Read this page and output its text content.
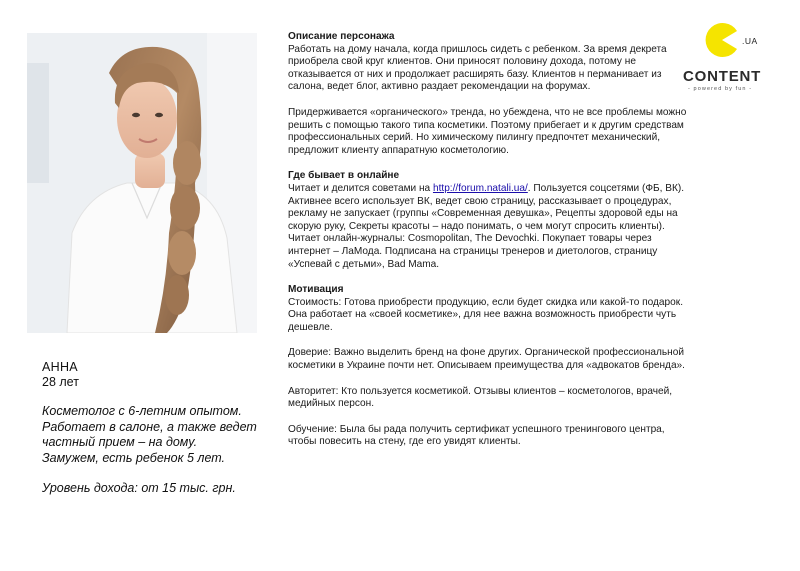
АННА
28 лет
Косметолог с 6-летним опытом. Работает в салоне, а также ведет частный прием – на дому. Замужем, есть ребенок 5 лет.
Уровень дохода: от 15 тыс. грн.
Описание персонажа

Работать на дому начала, когда пришлось сидеть с ребенком. За время декрета приобрела свой круг клиентов. Они приносят половину дохода, потому не отказывается от них и продолжает расширять базу. Клиентов н перманивает из салона, ведет блог, активно раздает рекомендации на форумах.

Придерживается «органического» тренда, но убеждена, что не все проблемы можно решить с помощью такого типа косметики. Поэтому прибегает и к другим средствам профессиональных серий. Но химическому пилингу предпочтет механический, предложит клиенту аппаратную косметологию.

Где бывает в онлайне

Читает и делится советами на http://forum.natali.ua/. Пользуется соцсетями (ФБ, ВК). Активнее всего использует ВК, ведет свою страницу, рассказывает о процедурах, рекламу не запускает (группы «Современная девушка», Рецепты здоровой еды на скорую руку, Секреты красоты – надо понимать, о чем могут спросить клиенты). Читает онлайн-журналы: Cosmopolitan, The Devochki. Покупает товары через интернет – ЛаМода. Подписана на страницы тренеров и диетологов, страницу «Успевай с детьми», Bad Mama.

Мотивация

Стоимость: Готова приобрести продукцию, если будет скидка или какой-то подарок. Она работает на «своей косметике», для нее важна возможность приобрести чуть дешевле.

Доверие: Важно выделить бренд на фоне других. Органической профессиональной косметики в Украине почти нет. Описываем преимущества для «адвокатов бренда».

Авторитет: Кто пользуется косметикой. Отзывы клиентов – косметологов, врачей, медийных персон.

Обучение: Была бы рада получить сертификат успешного тренингового центра, чтобы повесить на стену, где его увидят клиенты.

.UA
CONTENT
- powered by fun -
